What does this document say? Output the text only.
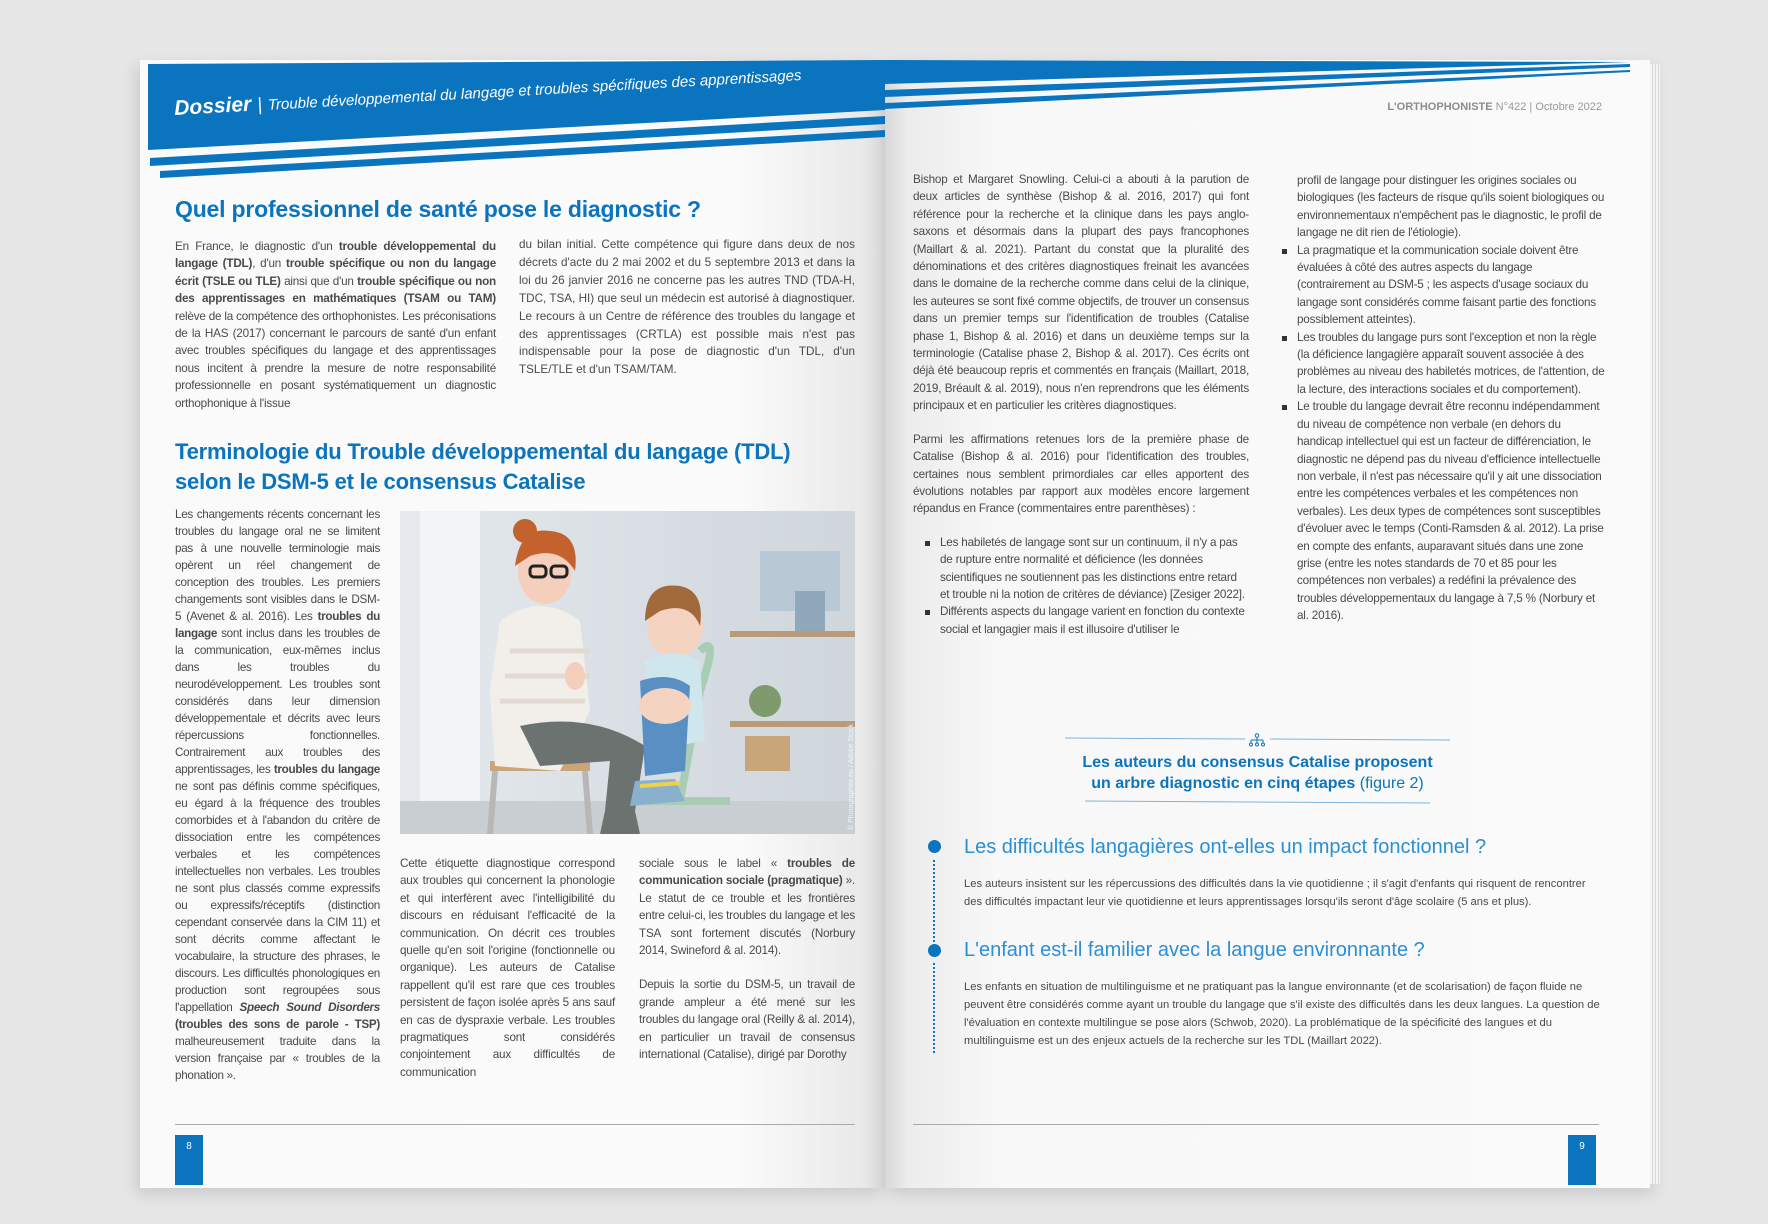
Dossier | Trouble développemental du langage et troubles spécifiques des apprentissages	L'ORTHOPHONISTE N°422 | Octobre 2022
Quel professionnel de santé pose le diagnostic ?
En France, le diagnostic d'un trouble développemental du langage (TDL), d'un trouble spécifique ou non du langage écrit (TSLE ou TLE) ainsi que d'un trouble spécifique ou non des apprentissages en mathématiques (TSAM ou TAM) relève de la compétence des orthophonistes. Les préconisations de la HAS (2017) concernant le parcours de santé d'un enfant avec troubles spécifiques du langage et des apprentissages nous incitent à prendre la mesure de notre responsabilité professionnelle en posant systématiquement un diagnostic orthophonique à l'issue
du bilan initial. Cette compétence qui figure dans deux de nos décrets d'acte du 2 mai 2002 et du 5 septembre 2013 et dans la loi du 26 janvier 2016 ne concerne pas les autres TND (TDA-H, TDC, TSA, HI) que seul un médecin est autorisé à diagnostiquer. Le recours à un Centre de référence des troubles du langage et des apprentissages (CRTLA) est possible mais n'est pas indispensable pour la pose de diagnostic d'un TDL, d'un TSLE/TLE et d'un TSAM/TAM.
Terminologie du Trouble développemental du langage (TDL)
selon le DSM-5 et le consensus Catalise
Les changements récents concernant les troubles du langage oral ne se limitent pas à une nouvelle terminologie mais opèrent un réel changement de conception des troubles. Les premiers changements sont visibles dans le DSM-5 (Avenet & al. 2016). Les troubles du langage sont inclus dans les troubles de la communication, eux-mêmes inclus dans les troubles du neurodéveloppement. Les troubles sont considérés dans leur dimension développementale et décrits avec leurs répercussions fonctionnelles. Contrairement aux troubles des apprentissages, les troubles du langage ne sont pas définis comme spécifiques, eu égard à la fréquence des troubles comorbides et à l'abandon du critère de dissociation entre les compétences verbales et les compétences intellectuelles non verbales. Les troubles ne sont plus classés comme expressifs ou expressifs/réceptifs (distinction cependant conservée dans la CIM 11) et sont décrits comme affectant le vocabulaire, la structure des phrases, le discours. Les difficultés phonologiques en production sont regroupées sous l'appellation Speech Sound Disorders (troubles des sons de parole - TSP) malheureusement traduite dans la version française par « troubles de la phonation ».
© Photographee.eu / Adobe Stock
Cette étiquette diagnostique correspond aux troubles qui concernent la phonologie et qui interfèrent avec l'intelligibilité du discours en réduisant l'efficacité de la communication. On décrit ces troubles quelle qu'en soit l'origine (fonctionnelle ou organique). Les auteurs de Catalise rappellent qu'il est rare que ces troubles persistent de façon isolée après 5 ans sauf en cas de dyspraxie verbale. Les troubles pragmatiques sont considérés conjointement aux difficultés de communication
sociale sous le label « troubles de communication sociale (pragmatique) ». Le statut de ce trouble et les frontières entre celui-ci, les troubles du langage et les TSA sont fortement discutés (Norbury 2014, Swineford & al. 2014).
Depuis la sortie du DSM-5, un travail de grande ampleur a été mené sur les troubles du langage oral (Reilly & al. 2014), en particulier un travail de consensus international (Catalise), dirigé par Dorothy
8
Bishop et Margaret Snowling. Celui-ci a abouti à la parution de deux articles de synthèse (Bishop & al. 2016, 2017) qui font référence pour la recherche et la clinique dans les pays anglo-saxons et désormais dans la plupart des pays francophones (Maillart & al. 2021). Partant du constat que la pluralité des dénominations et des critères diagnostiques freinait les avancées dans le domaine de la recherche comme dans celui de la clinique, les auteures se sont fixé comme objectifs, de trouver un consensus dans un premier temps sur l'identification de troubles (Catalise phase 1, Bishop & al. 2016) et dans un deuxième temps sur la terminologie (Catalise phase 2, Bishop & al. 2017). Ces écrits ont déjà été beaucoup repris et commentés en français (Maillart, 2018, 2019, Bréault & al. 2019), nous n'en reprendrons que les éléments principaux et en particulier les critères diagnostiques.
Parmi les affirmations retenues lors de la première phase de Catalise (Bishop & al. 2016) pour l'identification des troubles, certaines nous semblent primordiales car elles apportent des évolutions notables par rapport aux modèles encore largement répandus en France (commentaires entre parenthèses) :
Les habiletés de langage sont sur un continuum, il n'y a pas de rupture entre normalité et déficience (les données scientifiques ne soutiennent pas les distinctions entre retard et trouble ni la notion de critères de déviance) [Zesiger 2022].
Différents aspects du langage varient en fonction du contexte social et langagier mais il est illusoire d'utiliser le
profil de langage pour distinguer les origines sociales ou biologiques (les facteurs de risque qu'ils soient biologiques ou environnementaux n'empêchent pas le diagnostic, le profil de langage ne dit rien de l'étiologie).
La pragmatique et la communication sociale doivent être évaluées à côté des autres aspects du langage (contrairement au DSM-5 ; les aspects d'usage sociaux du langage sont considérés comme faisant partie des fonctions possiblement atteintes).
Les troubles du langage purs sont l'exception et non la règle (la déficience langagière apparaît souvent associée à des problèmes au niveau des habiletés motrices, de l'attention, de la lecture, des interactions sociales et du comportement).
Le trouble du langage devrait être reconnu indépendamment du niveau de compétence non verbale (en dehors du handicap intellectuel qui est un facteur de différenciation, le diagnostic ne dépend pas du niveau d'efficience intellectuelle non verbale, il n'est pas nécessaire qu'il y ait une dissociation entre les compétences verbales et les compétences non verbales). Les deux types de compétences sont susceptibles d'évoluer avec le temps (Conti-Ramsden & al. 2012). La prise en compte des enfants, auparavant situés dans une zone grise (entre les notes standards de 70 et 85 pour les compétences non verbales) a redéfini la prévalence des troubles développementaux du langage à 7,5 % (Norbury et al. 2016).
Les auteurs du consensus Catalise proposent
un arbre diagnostic en cinq étapes (figure 2)
Les difficultés langagières ont-elles un impact fonctionnel ?
Les auteurs insistent sur les répercussions des difficultés dans la vie quotidienne ; il s'agit d'enfants qui risquent de rencontrer des difficultés impactant leur vie quotidienne et leurs apprentissages lorsqu'ils seront d'âge scolaire (5 ans et plus).
L'enfant est-il familier avec la langue environnante ?
Les enfants en situation de multilinguisme et ne pratiquant pas la langue environnante (et de scolarisation) de façon fluide ne peuvent être considérés comme ayant un trouble du langage que s'il existe des difficultés dans les deux langues. La question de l'évaluation en contexte multilingue se pose alors (Schwob, 2020). La problématique de la spécificité des langues et du multilinguisme est un des enjeux actuels de la recherche sur les TDL (Maillart 2022).
9
